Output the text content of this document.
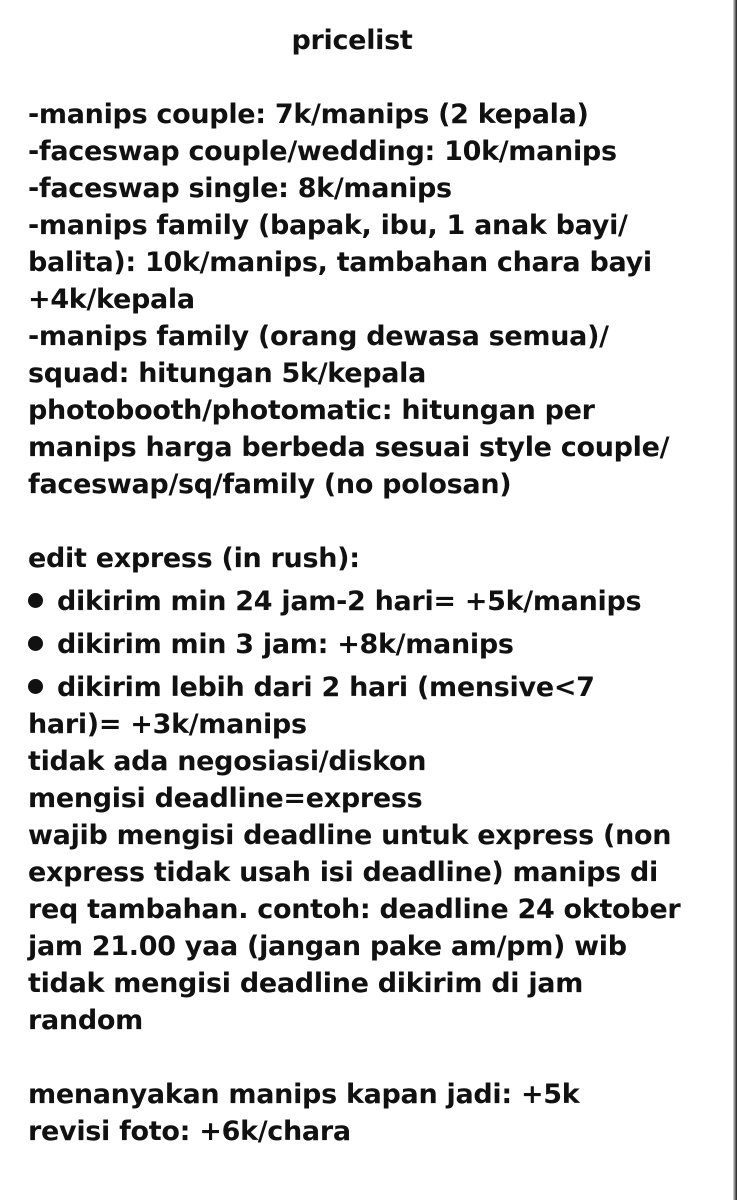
pricelist
-manips couple: 7k/manips (2 kepala)
-faceswap couple/wedding: 10k/manips
-faceswap single: 8k/manips
-manips family (bapak, ibu, 1 anak bayi/
balita): 10k/manips, tambahan chara bayi
+4k/kepala
-manips family (orang dewasa semua)/
squad: hitungan 5k/kepala
photobooth/photomatic: hitungan per
manips harga berbeda sesuai style couple/
faceswap/sq/family (no polosan)
edit express (in rush):
dikirim min 24 jam-2 hari= +5k/manips
dikirim min 3 jam: +8k/manips
dikirim lebih dari 2 hari (mensive<7
hari)= +3k/manips
tidak ada negosiasi/diskon
mengisi deadline=express
wajib mengisi deadline untuk express (non
express tidak usah isi deadline) manips di
req tambahan. contoh: deadline 24 oktober
jam 21.00 yaa (jangan pake am/pm) wib
tidak mengisi deadline dikirim di jam
random
menanyakan manips kapan jadi: +5k
revisi foto: +6k/chara
